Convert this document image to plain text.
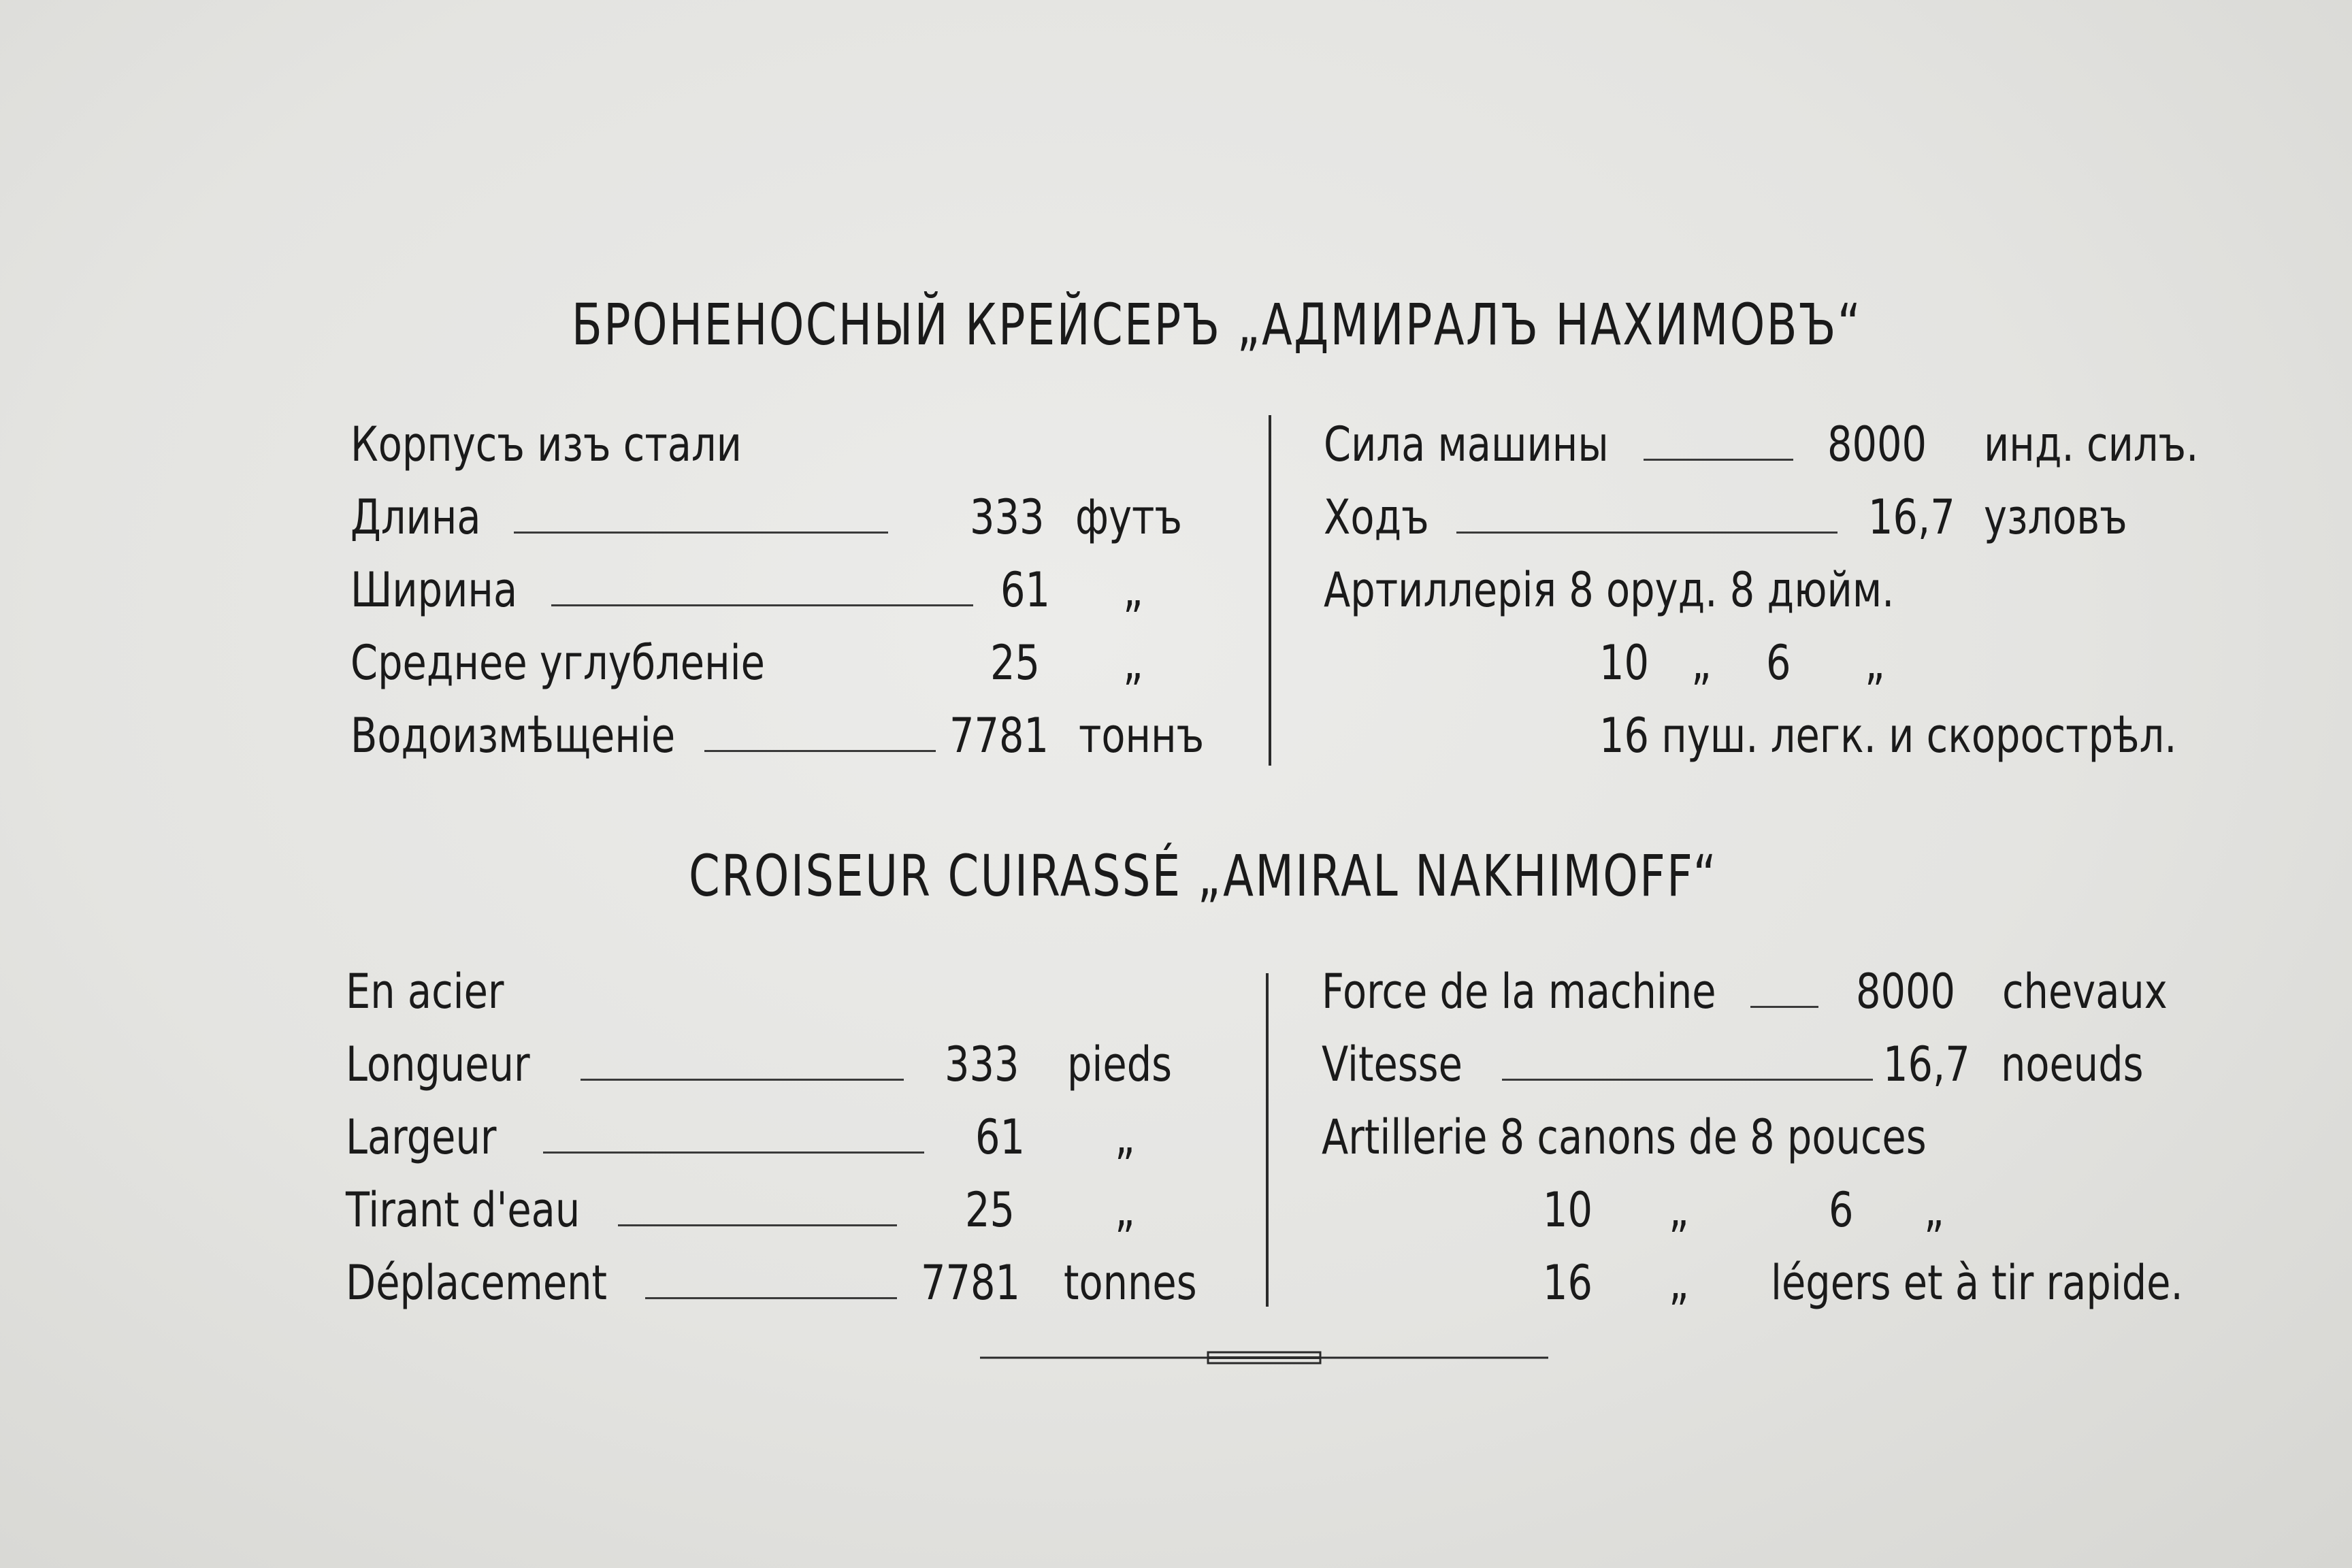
БРОНЕНОСНЫЙ КРЕЙСЕРЪ „АДМИРАЛЪ НАХИМОВЪ“
Корпусъ изъ стали
Длина	333 футъ
Ширина	61 „
Среднее углубленіе	25 „
Водоизмѣщеніе	7781 тоннъ
Сила машины	8000 инд. силъ.
Ходъ	16,7 узловъ
Артиллерія 8 оруд. 8 дюйм.
10 „ 6 „
16 пуш. легк. и скорострѣл.
CROISEUR CUIRASSÉ „AMIRAL NAKHIMOFF“
En acier
Longueur	333 pieds
Largeur	61 „
Tirant d'eau	25 „
Déplacement	7781 tonnes
Force de la machine	8000 chevaux
Vitesse	16,7 noeuds
Artillerie 8 canons de 8 pouces
10 „	6 „
16 „ légers et à tir rapide.
